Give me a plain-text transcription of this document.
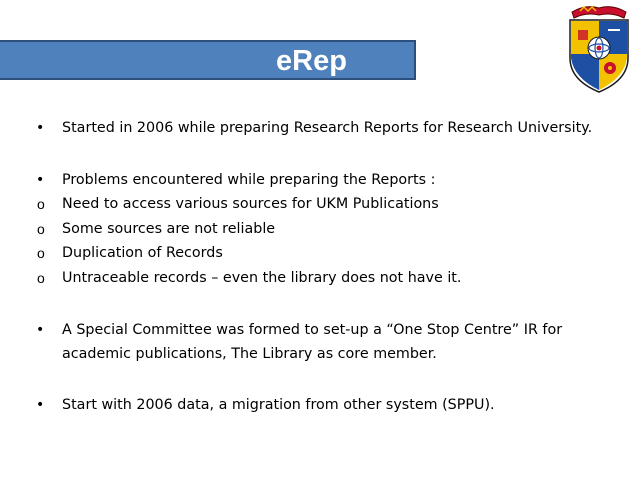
eRep
•	Started in 2006 while preparing Research Reports for Research University.
•	Problems encountered while preparing the Reports :
o	Need to access various sources for UKM Publications
o	Some sources are not reliable
o	Duplication of Records
o	Untraceable records – even the library does not have it.
•	A Special Committee was formed to set-up a “One Stop Centre” IR for
academic publications, The Library as core member.
•	Start with 2006 data, a migration from other system (SPPU).
